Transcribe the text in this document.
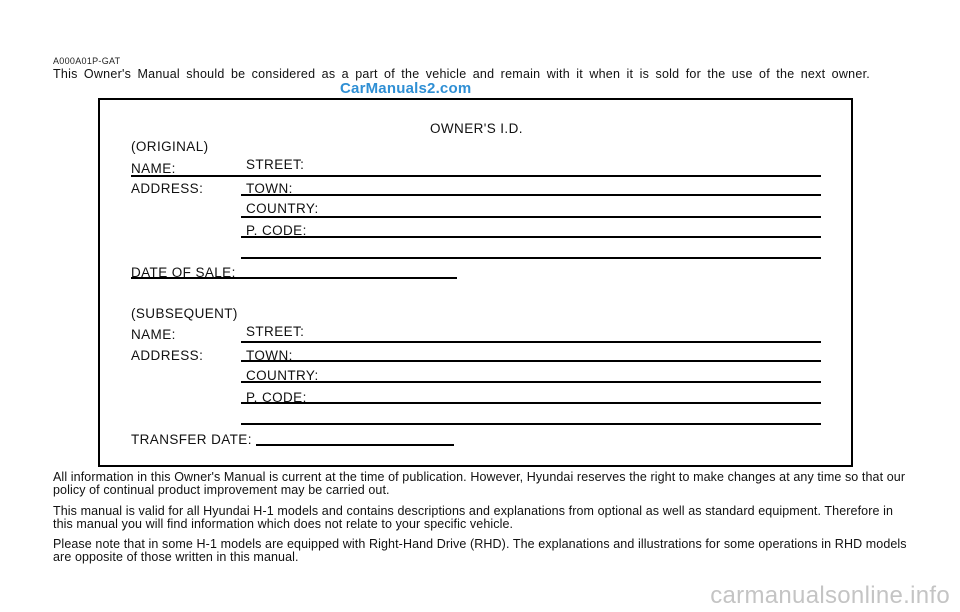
A000A01P-GAT
This Owner's Manual should be considered as a part of the vehicle and remain with it when it is sold for the use of the next owner.
CarManuals2.com
OWNER'S I.D.
(ORIGINAL)
NAME:	STREET:
ADDRESS:	TOWN:
COUNTRY:
P. CODE:
DATE OF SALE:
(SUBSEQUENT)
NAME:	STREET:
ADDRESS:	TOWN:
COUNTRY:
P. CODE:
TRANSFER DATE:
All information in this Owner's Manual is current at the time of publication. However, Hyundai reserves the right to make changes at any time so that our policy of continual product improvement may be carried out.
This manual is valid for all Hyundai H-1 models and contains descriptions and explanations from optional as well as standard equipment. Therefore in this manual you will find information which does not relate to your specific vehicle.
Please note that in some H-1 models are equipped with Right-Hand Drive (RHD). The explanations and illustrations for some operations in RHD models are opposite of those written in this manual.
carmanualsonline.info
